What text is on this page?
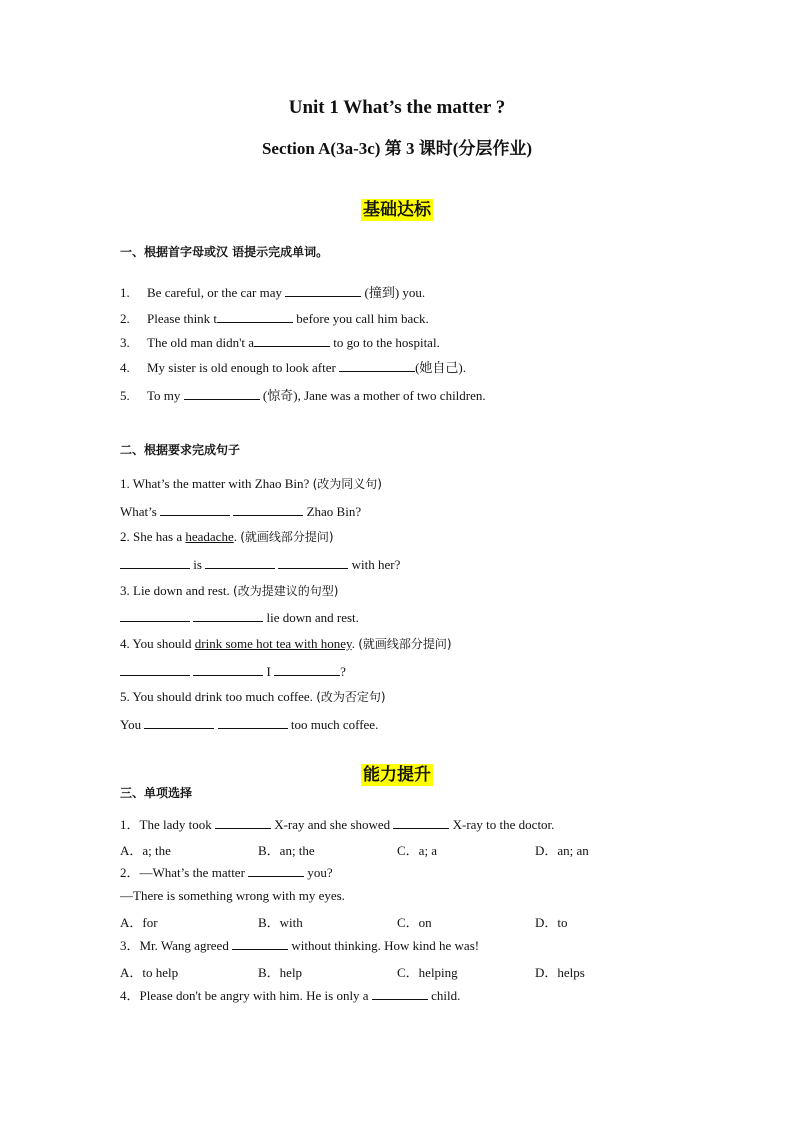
Unit 1 What’s the matter ?
Section A(3a-3c) 第 3 课时(分层作业)
基础达标
一、根据首字母或汉 语提示完成单词。
1. Be careful, or the car may	(撞到) you.
2. Please think t	before you call him back.
3. The old man didn't a	to go to the hospital.
4. My sister is old enough to look after	(她自己).
5. To my	(惊奇), Jane was a mother of two children.
二、根据要求完成句子
1. What’s the matter with Zhao Bin? (改为同义句)
What’s	Zhao Bin?
2. She has a headache. (就画线部分提问)
is	with her?
3. Lie down and rest. (改为提建议的句型)
lie down and rest.
4. You should drink some hot tea with honey. (就画线部分提问)
I	?
5. You should drink too much coffee. (改为否定句)
You	too much coffee.
能力提升
三、单项选择
1．The lady took	X-ray and she showed	X-ray to the doctor.
A．a; the	B．an; the	C．a; a	D．an; an
2．—What’s the matter	you?
—There is something wrong with my eyes.
A．for	B．with	C．on	D．to
3．Mr. Wang agreed	without thinking. How kind he was!
A．to help	B．help	C．helping	D．helps
4．Please don't be angry with him. He is only a	child.
